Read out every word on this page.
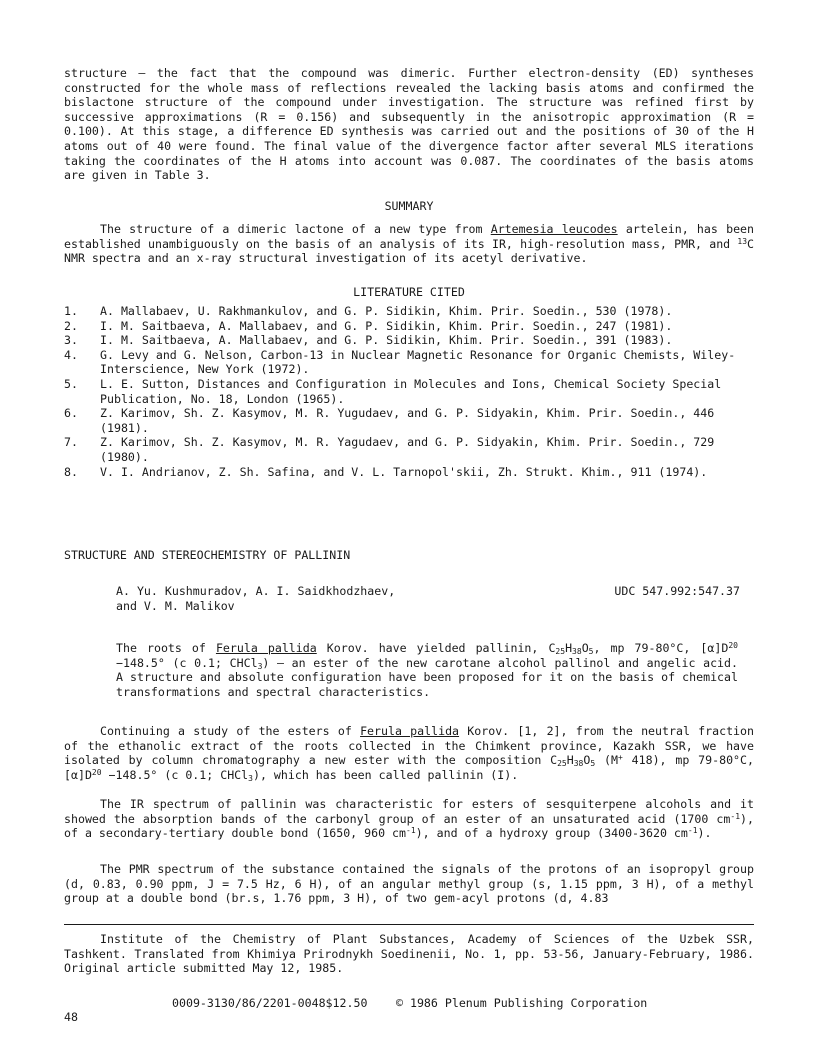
structure — the fact that the compound was dimeric. Further electron-density (ED) syntheses constructed for the whole mass of reflections revealed the lacking basis atoms and confirmed the bislactone structure of the compound under investigation. The structure was refined first by successive approximations (R = 0.156) and subsequently in the anisotropic approximation (R = 0.100). At this stage, a difference ED synthesis was carried out and the positions of 30 of the H atoms out of 40 were found. The final value of the divergence factor after several MLS iterations taking the coordinates of the H atoms into account was 0.087. The coordinates of the basis atoms are given in Table 3.

SUMMARY

The structure of a dimeric lactone of a new type from Artemesia leucodes artelein, has been established unambiguously on the basis of an analysis of its IR, high-resolution mass, PMR, and $^{13}$C NMR spectra and an x-ray structural investigation of its acetyl derivative.

LITERATURE CITED

1.	A. Mallabaev, U. Rakhmankulov, and G. P. Sidikin, Khim. Prir. Soedin., 530 (1978).
2.	I. M. Saitbaeva, A. Mallabaev, and G. P. Sidikin, Khim. Prir. Soedin., 247 (1981).
3.	I. M. Saitbaeva, A. Mallabaev, and G. P. Sidikin, Khim. Prir. Soedin., 391 (1983).
4.	G. Levy and G. Nelson, Carbon-13 in Nuclear Magnetic Resonance for Organic Chemists, Wiley-Interscience, New York (1972).
5.	L. E. Sutton, Distances and Configuration in Molecules and Ions, Chemical Society Special Publication, No. 18, London (1965).
6.	Z. Karimov, Sh. Z. Kasymov, M. R. Yugudaev, and G. P. Sidyakin, Khim. Prir. Soedin., 446 (1981).
7.	Z. Karimov, Sh. Z. Kasymov, M. R. Yagudaev, and G. P. Sidyakin, Khim. Prir. Soedin., 729 (1980).
8.	V. I. Andrianov, Z. Sh. Safina, and V. L. Tarnopol'skii, Zh. Strukt. Khim., 911 (1974).

STRUCTURE AND STEREOCHEMISTRY OF PALLININ

A. Yu. Kushmuradov, A. I. Saidkhodzhaev,
and V. M. Malikov
UDC 547.992:547.37

The roots of Ferula pallida Korov. have yielded pallinin, $C_{25}H_{38}O_5$, mp 79-80°C, $[\alpha]D^{20} -148.5^\circ$ (c 0.1; CHCl$_3$) — an ester of the new carotane alcohol pallinol and angelic acid. A structure and absolute configuration have been proposed for it on the basis of chemical transformations and spectral characteristics.

Continuing a study of the esters of Ferula pallida Korov. [1, 2], from the neutral fraction of the ethanolic extract of the roots collected in the Chimkent province, Kazakh SSR, we have isolated by column chromatography a new ester with the composition $C_{25}H_{38}O_5$ (M+ 418), mp 79-80°C, $[\alpha]D^{20} -148.5^\circ$ (c 0.1; CHCl$_3$), which has been called pallinin (I).

The IR spectrum of pallinin was characteristic for esters of sesquiterpene alcohols and it showed the absorption bands of the carbonyl group of an ester of an unsaturated acid (1700 $cm^{-1}$), of a secondary-tertiary double bond (1650, 960 $cm^{-1}$), and of a hydroxy group (3400-3620 $cm^{-1}$).

The PMR spectrum of the substance contained the signals of the protons of an isopropyl group (d, 0.83, 0.90 ppm, J = 7.5 Hz, 6 H), of an angular methyl group (s, 1.15 ppm, 3 H), of a methyl group at a double bond (br.s, 1.76 ppm, 3 H), of two gem-acyl protons (d, 4.83

Institute of the Chemistry of Plant Substances, Academy of Sciences of the Uzbek SSR, Tashkent. Translated from Khimiya Prirodnykh Soedinenii, No. 1, pp. 53-56, January-February, 1986. Original article submitted May 12, 1985.

0009-3130/86/2201-0048$12.50 © 1986 Plenum Publishing Corporation
48
